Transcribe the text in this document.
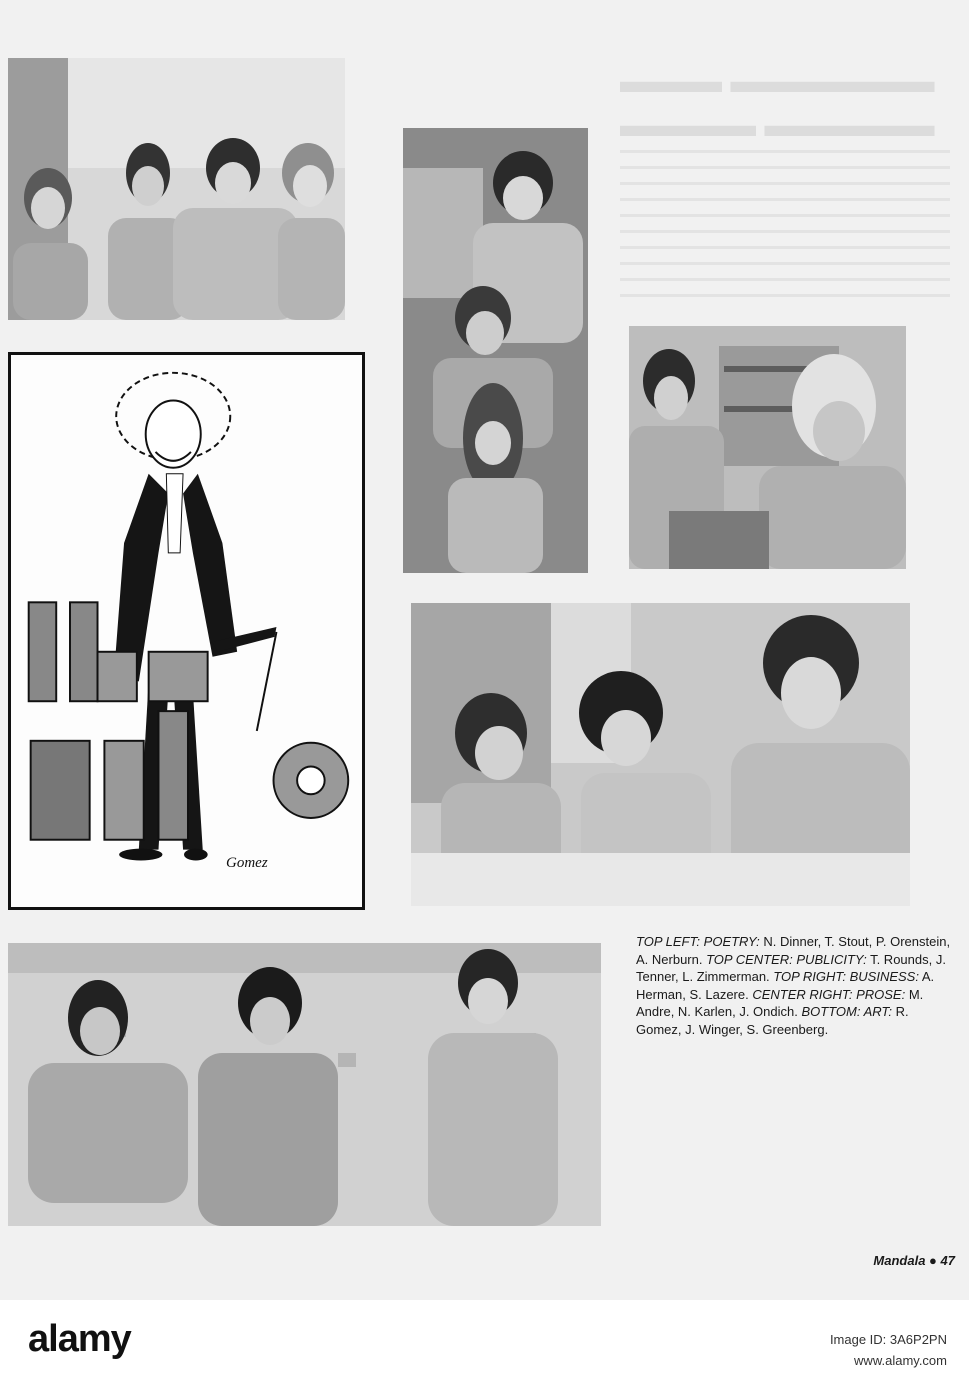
▬▬▬ ▬▬▬▬▬▬
▬▬▬▬ ▬▬▬▬▬
Gomez

TOP LEFT: POETRY: N. Dinner, T. Stout, P. Orenstein, A. Nerburn. TOP CENTER: PUBLICITY: T. Rounds, J. Tenner, L. Zimmerman. TOP RIGHT: BUSINESS: A. Herman, S. Lazere. CENTER RIGHT: PROSE: M. Andre, N. Karlen, J. Ondich. BOTTOM: ART: R. Gomez, J. Winger, S. Greenberg.

Mandala ● 47
alamy	Image ID: 3A6P2PN
www.alamy.com
